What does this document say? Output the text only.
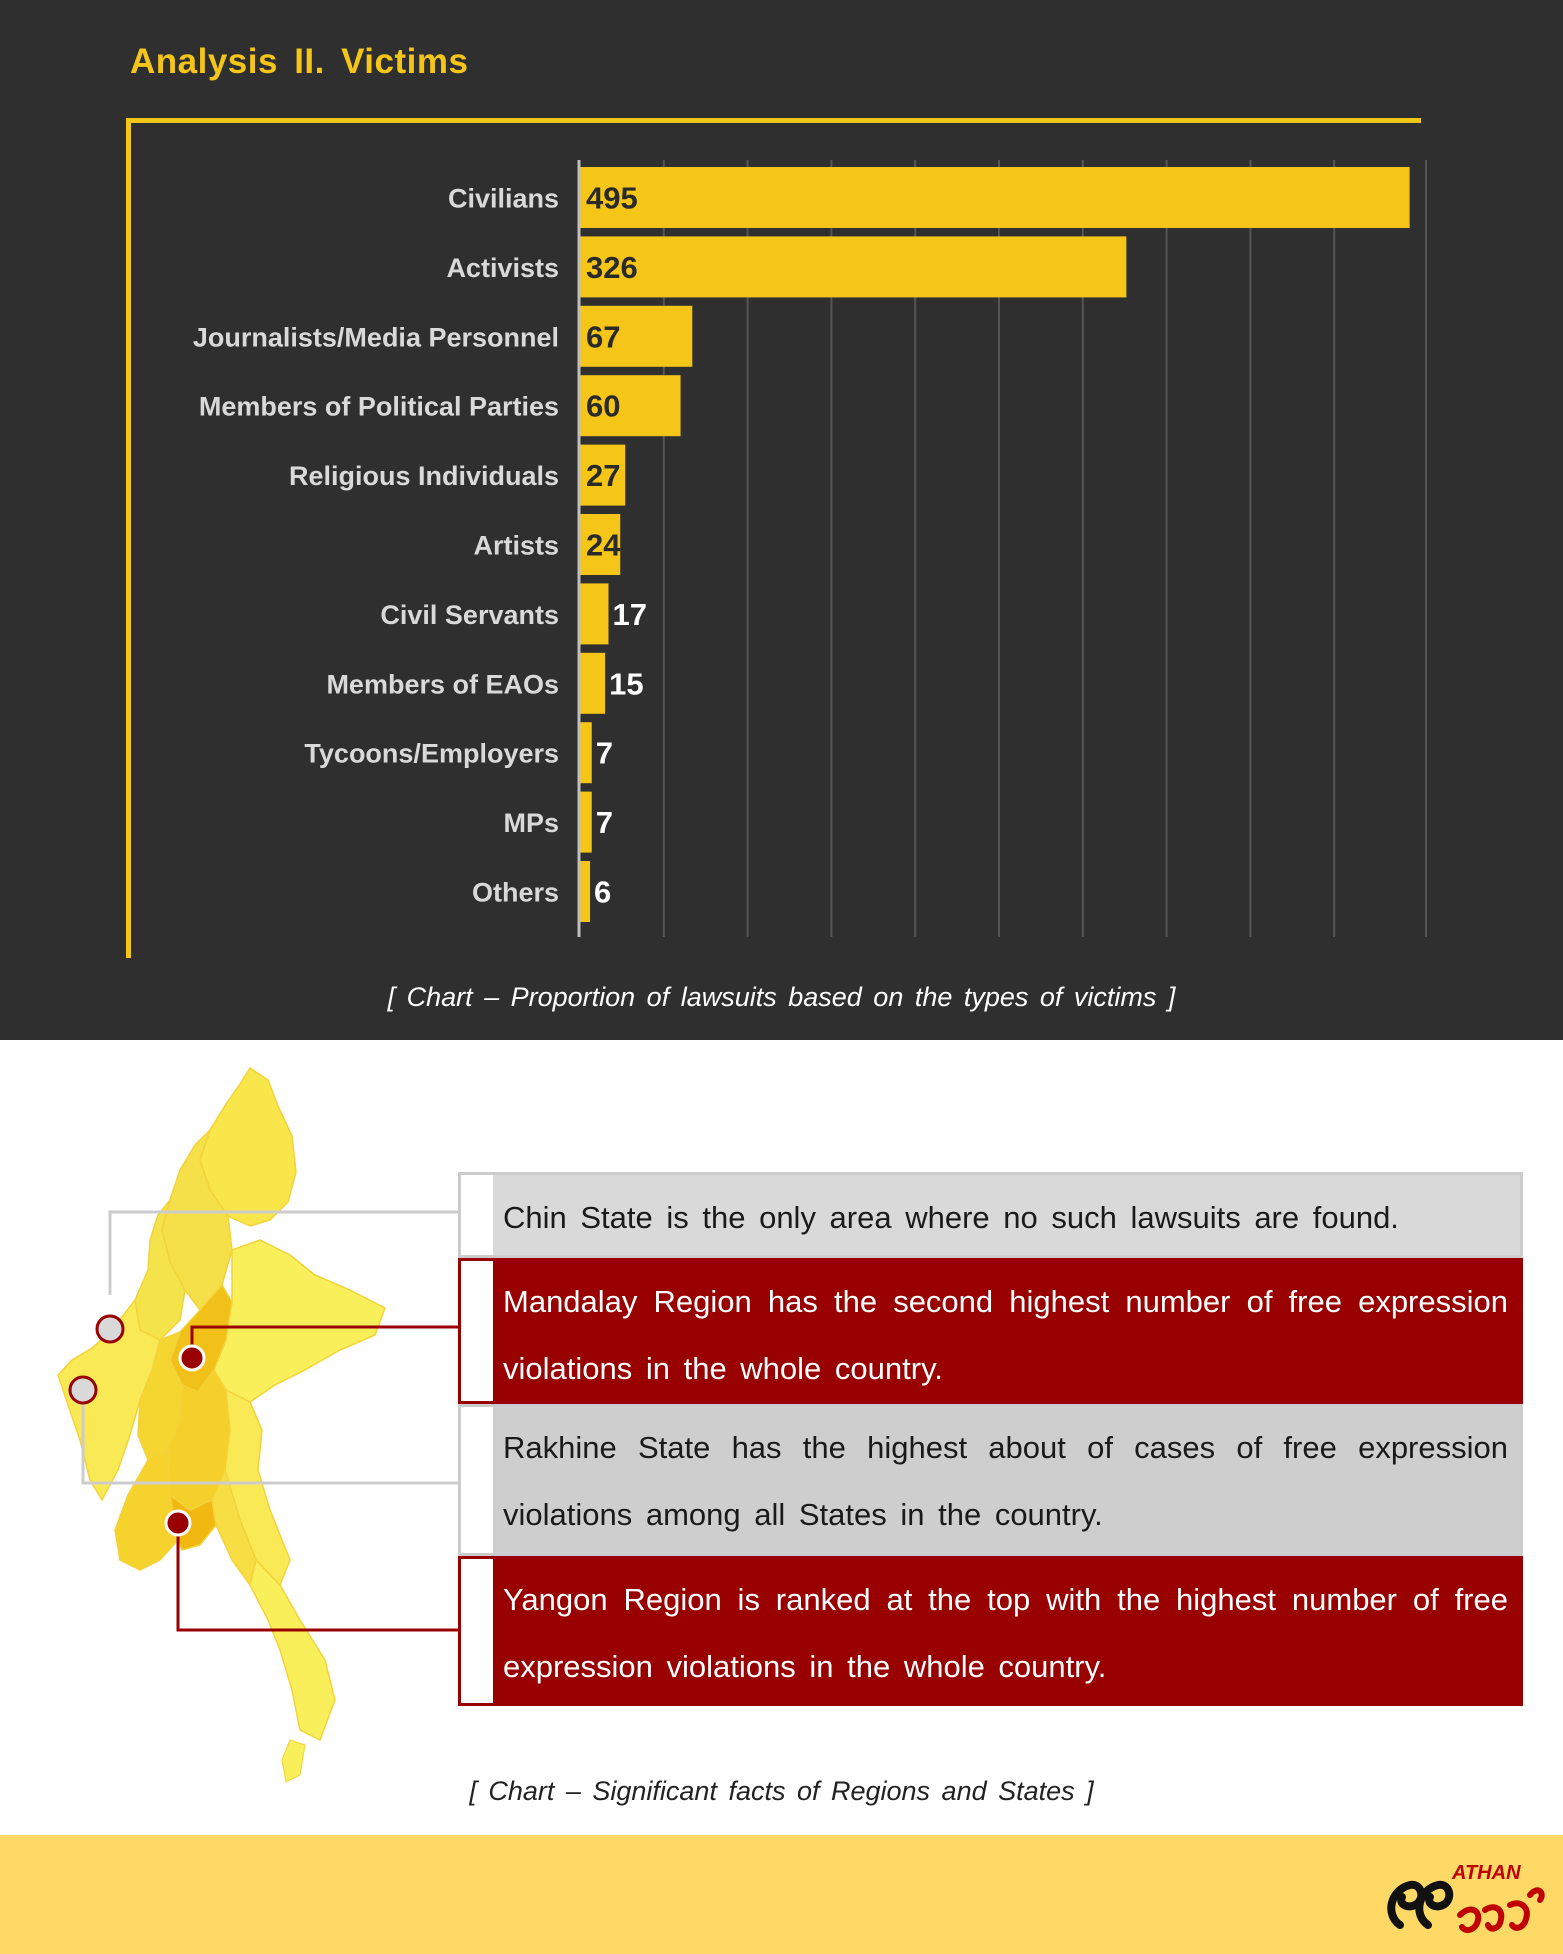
Analysis II. Victims
Civilians 495
Activists 326
Journalists/Media Personnel 67
Members of Political Parties 60
Religious Individuals 27
Artists 24
Civil Servants 17
Members of EAOs 15
Tycoons/Employers 7
MPs 7
Others 6
[ Chart – Proportion of lawsuits based on the types of victims ]
Chin State is the only area where no such lawsuits are found.
Mandalay Region has the second highest number of free expression violations in the whole country.
Rakhine State has the highest about of cases of free expression violations among all States in the country.
Yangon Region is ranked at the top with the highest number of free expression violations in the whole country.
[ Chart – Significant facts of Regions and States ]
ATHAN
